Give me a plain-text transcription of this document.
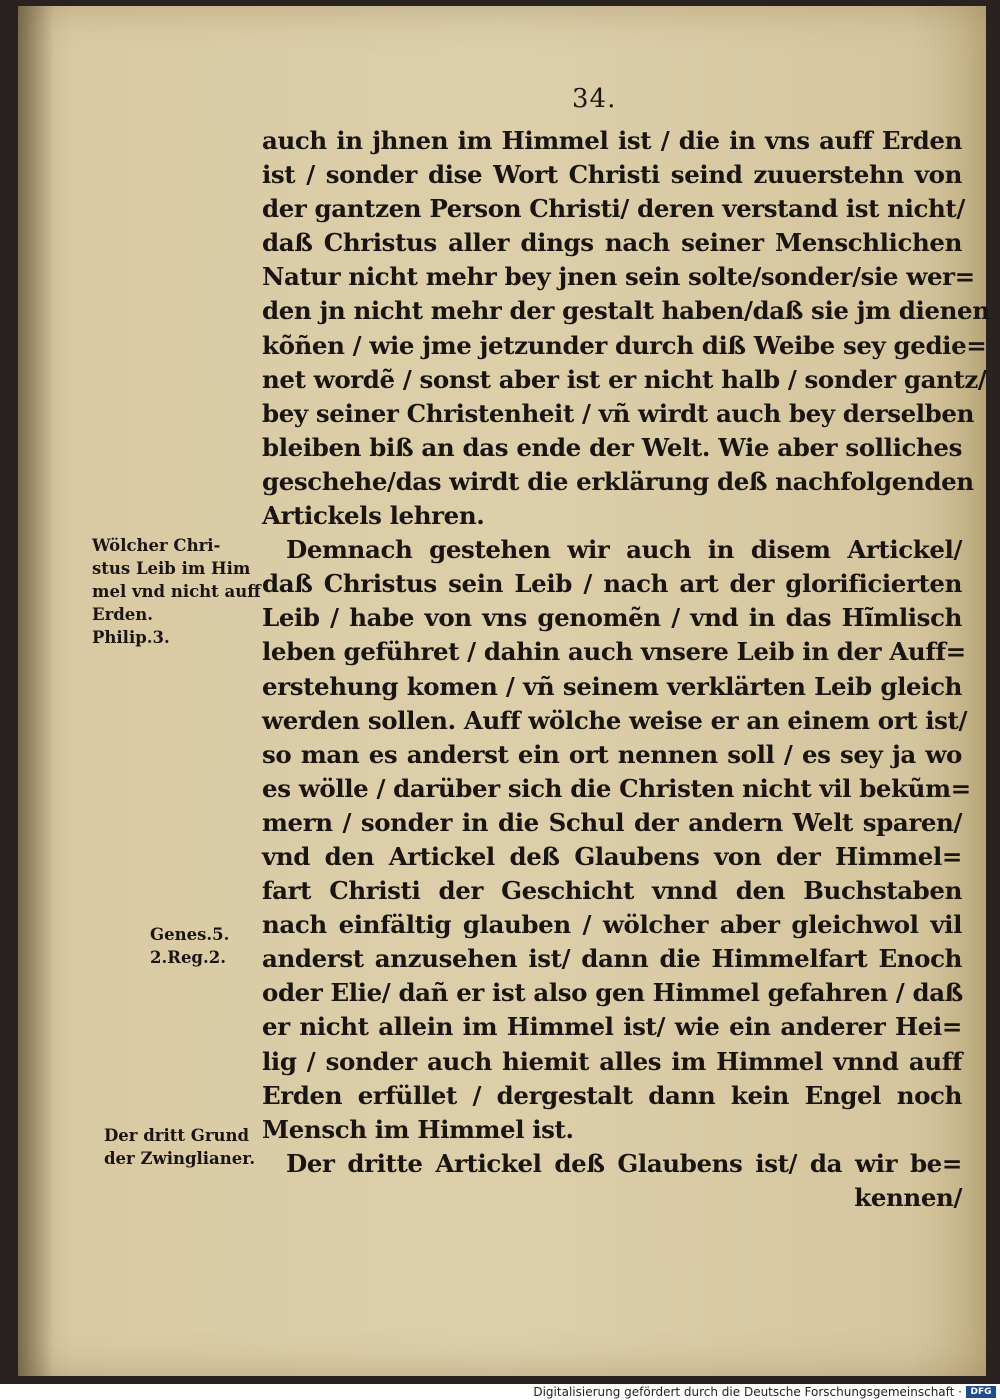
34.
auch in jhnen im Himmel ist / die in vns auff Erden
ist / sonder dise Wort Christi seind zuuerstehn von
der gantzen Person Christi/ deren verstand ist nicht/
daß Christus aller dings nach seiner Menschlichen
Natur nicht mehr bey jnen sein solte/sonder/sie wer=
den jn nicht mehr der gestalt haben/daß sie jm dienen
kõñen / wie jme jetzunder durch diß Weibe sey gedie=
net wordẽ / sonst aber ist er nicht halb / sonder gantz/
bey seiner Christenheit / vñ wirdt auch bey derselben
bleiben biß an das ende der Welt. Wie aber solliches
geschehe/das wirdt die erklärung deß nachfolgenden
Artickels lehren.
Demnach gestehen wir auch in disem Artickel/
daß Christus sein Leib / nach art der glorificierten
Leib / habe von vns genomẽn / vnd in das Hĩmlisch
leben geführet / dahin auch vnsere Leib in der Auff=
erstehung komen / vñ seinem verklärten Leib gleich
werden sollen. Auff wölche weise er an einem ort ist/
so man es anderst ein ort nennen soll / es sey ja wo
es wölle / darüber sich die Christen nicht vil bekũm=
mern / sonder in die Schul der andern Welt sparen/
vnd den Artickel deß Glaubens von der Himmel=
fart Christi der Geschicht vnnd den Buchstaben
nach einfältig glauben / wölcher aber gleichwol vil
anderst anzusehen ist/ dann die Himmelfart Enoch
oder Elie/ dañ er ist also gen Himmel gefahren / daß
er nicht allein im Himmel ist/ wie ein anderer Hei=
lig / sonder auch hiemit alles im Himmel vnnd auff
Erden erfüllet / dergestalt dann kein Engel noch
Mensch im Himmel ist.
Der dritte Artickel deß Glaubens ist/ da wir be=
kennen/
Wölcher Chri-
stus Leib im Him
mel vnd nicht auff
Erden.
Philip.3.
Genes.5.
2.Reg.2.
Der dritt Grund
der Zwinglianer.
Digitalisierung gefördert durch die Deutsche Forschungsgemeinschaft · DFG
